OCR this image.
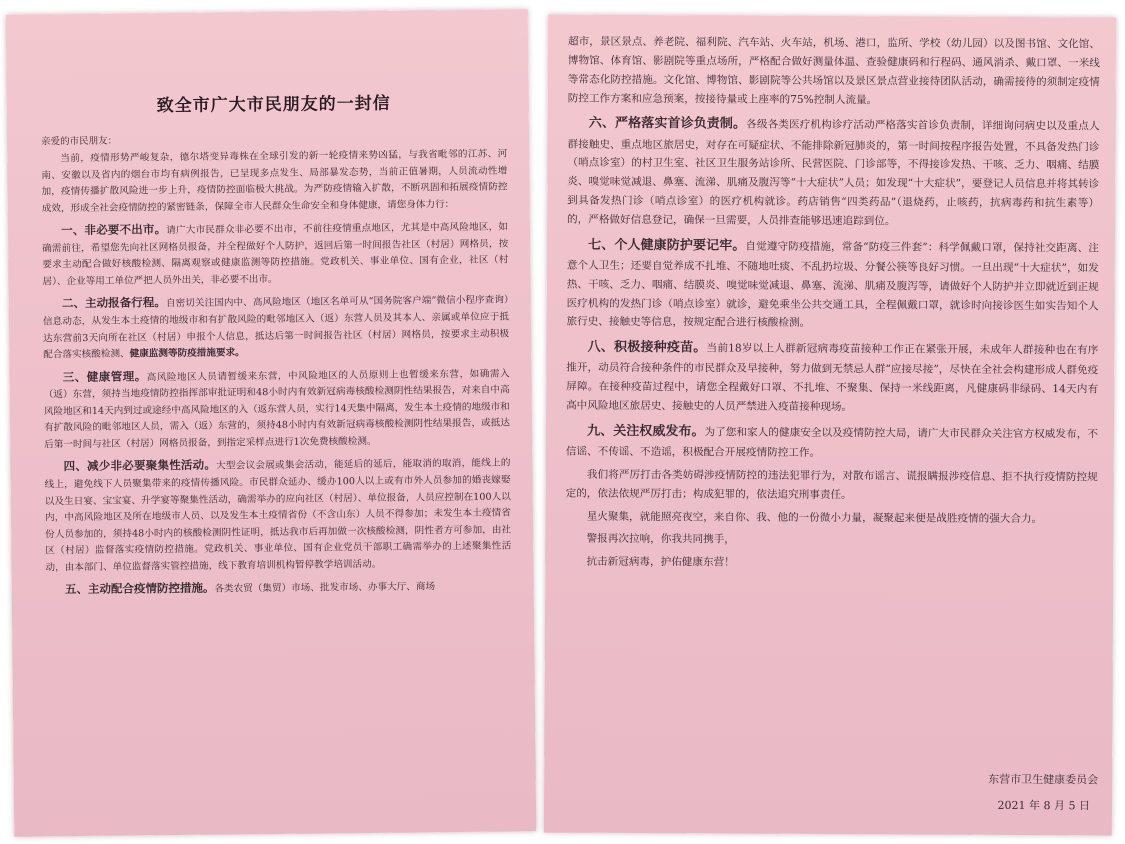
致全市广大市民朋友的一封信
亲爱的市民朋友：

当前，疫情形势严峻复杂，德尔塔变异毒株在全球引发的新一轮疫情来势凶猛，与我省毗邻的江苏、河南、安徽以及省内的烟台市均有病例报告，已呈现多点发生、局部暴发态势，当前正值暑期，人员流动性增加，疫情传播扩散风险进一步上升，疫情防控面临极大挑战。为严防疫情输入扩散，不断巩固和拓展疫情防控成效，形成全社会疫情防控的紧密链条，保障全市人民群众生命安全和身体健康，请您身体力行：

一、非必要不出市。请广大市民群众非必要不出市，不前往疫情重点地区，尤其是中高风险地区，如确需前往，希望您先向社区网格员报备，并全程做好个人防护，返回后第一时间报告社区（村居）网格员，按要求主动配合做好核酸检测、隔离观察或健康监测等防控措施。党政机关、事业单位、国有企业，社区（村居）、企业等用工单位严把人员外出关，非必要不出市。

二、主动报备行程。自密切关注国内中、高风险地区（地区名单可从“国务院客户端”微信小程序查询）信息动态，从发生本土疫情的地级市和有扩散风险的毗邻地区入（返）东营人员及其本人、亲属或单位应于抵达东营前3天向所在社区（村居）申报个人信息，抵达后第一时间报告社区（村居）网格员，按要求主动积极配合落实核酸检测、健康监测等防疫措施要求。

三、健康管理。高风险地区人员请暂缓来东营，中风险地区的人员原则上也暂缓来东营，如确需入（返）东营，须持当地疫情防控指挥部审批证明和48小时内有效新冠病毒核酸检测阴性结果报告，对来自中高风险地区和14天内到过或途经中高风险地区的入（返东营人员，实行14天集中隔离，发生本土疫情的地级市和有扩散风险的毗邻地区人员，需入（返）东营的，须持48小时内有效新冠病毒核酸检测阴性结果报告，或抵达后第一时间与社区（村居）网格员报备，到指定采样点进行1次免费核酸检测。

四、减少非必要聚集性活动。大型会议会展或集会活动，能延后的延后，能取消的取消，能线上的线上，避免线下人员聚集带来的疫情传播风险。市民群众延办、缓办100人以上或有市外人员参加的婚丧嫁娶以及生日宴、宝宝宴、升学宴等聚集性活动，确需举办的应向社区（村居）、单位报备，人员应控制在100人以内，中高风险地区及所在地级市人员、以及发生本土疫情省份（不含山东）人员不得参加；未发生本土疫情省份人员参加的，须持48小时内的核酸检测阴性证明，抵达我市后再加做一次核酸检测，阴性者方可参加，由社区（村居）监督落实疫情防控措施。党政机关、事业单位、国有企业党员干部职工确需举办的上述聚集性活动，由本部门、单位监督落实管控措施，线下教育培训机构暂停教学培训活动。

五、主动配合疫情防控措施。各类农贸（集贸）市场、批发市场、办事大厅、商场

超市，景区景点、养老院、福利院、汽车站、火车站，机场、港口，监所、学校（幼儿园）以及图书馆、文化馆、博物馆、体育馆、影剧院等重点场所，严格配合做好测量体温、查验健康码和行程码、通风消杀、戴口罩、一米线等常态化防控措施。文化馆、博物馆、影剧院等公共场馆以及景区景点营业接待团队活动，确需接待的须制定疫情防控工作方案和应急预案，按接待量或上座率的75%控制人流量。

六、严格落实首诊负责制。各级各类医疗机构诊疗活动严格落实首诊负责制，详细询问病史以及重点人群接触史、重点地区旅居史，对存在可疑症状、不能排除新冠肺炎的，第一时间按程序报告处置，不具备发热门诊（哨点诊室）的村卫生室、社区卫生服务站诊所、民营医院、门诊部等，不得接诊发热、干咳、乏力、咽痛、结膜炎、嗅觉味觉减退、鼻塞、流涕、肌痛及腹泻等“十大症状”人员；如发现“十大症状”，要登记人员信息并将其转诊到具备发热门诊（哨点诊室）的医疗机构就诊。药店销售“四类药品”（退烧药，止咳药，抗病毒药和抗生素等）的，严格做好信息登记，确保一旦需要，人员排查能够迅速追踪到位。

七、个人健康防护要记牢。自觉遵守防疫措施，常备“防疫三件套”：科学佩戴口罩，保持社交距离、注意个人卫生；还要自觉养成不扎堆、不随地吐痰、不乱扔垃圾、分餐公筷等良好习惯。一旦出现“十大症状”，如发热、干咳、乏力、咽痛、结膜炎、嗅觉味觉减退、鼻塞、流涕、肌痛及腹泻等，请做好个人防护并立即就近到正规医疗机构的发热门诊（哨点诊室）就诊，避免乘坐公共交通工具，全程佩戴口罩，就诊时向接诊医生如实告知个人旅行史、接触史等信息，按规定配合进行核酸检测。

八、积极接种疫苗。当前18岁以上人群新冠病毒疫苗接种工作正在紧张开展，未成年人群接种也在有序推开，动员符合接种条件的市民群众及早接种，努力做到无禁忌人群“应接尽接”，尽快在全社会构建形成人群免疫屏障。在接种疫苗过程中，请您全程戴好口罩、不扎堆、不聚集、保持一米线距离，凡健康码非绿码、14天内有高中风险地区旅居史、接触史的人员严禁进入疫苗接种现场。

九、关注权威发布。为了您和家人的健康安全以及疫情防控大局，请广大市民群众关注官方权威发布，不信谣、不传谣、不造谣，积极配合开展疫情防控工作。

我们将严厉打击各类妨碍涉疫情防控的违法犯罪行为，对散布谣言、谎报瞒报涉疫信息、拒不执行疫情防控规定的，依法依规严厉打击；构成犯罪的，依法追究刑事责任。

星火聚集，就能照亮夜空，来自你、我、他的一份微小力量，凝聚起来便是战胜疫情的强大合力。

警报再次拉响，你我共同携手，

抗击新冠病毒，护佑健康东营！

东营市卫生健康委员会
2021 年 8 月 5 日
